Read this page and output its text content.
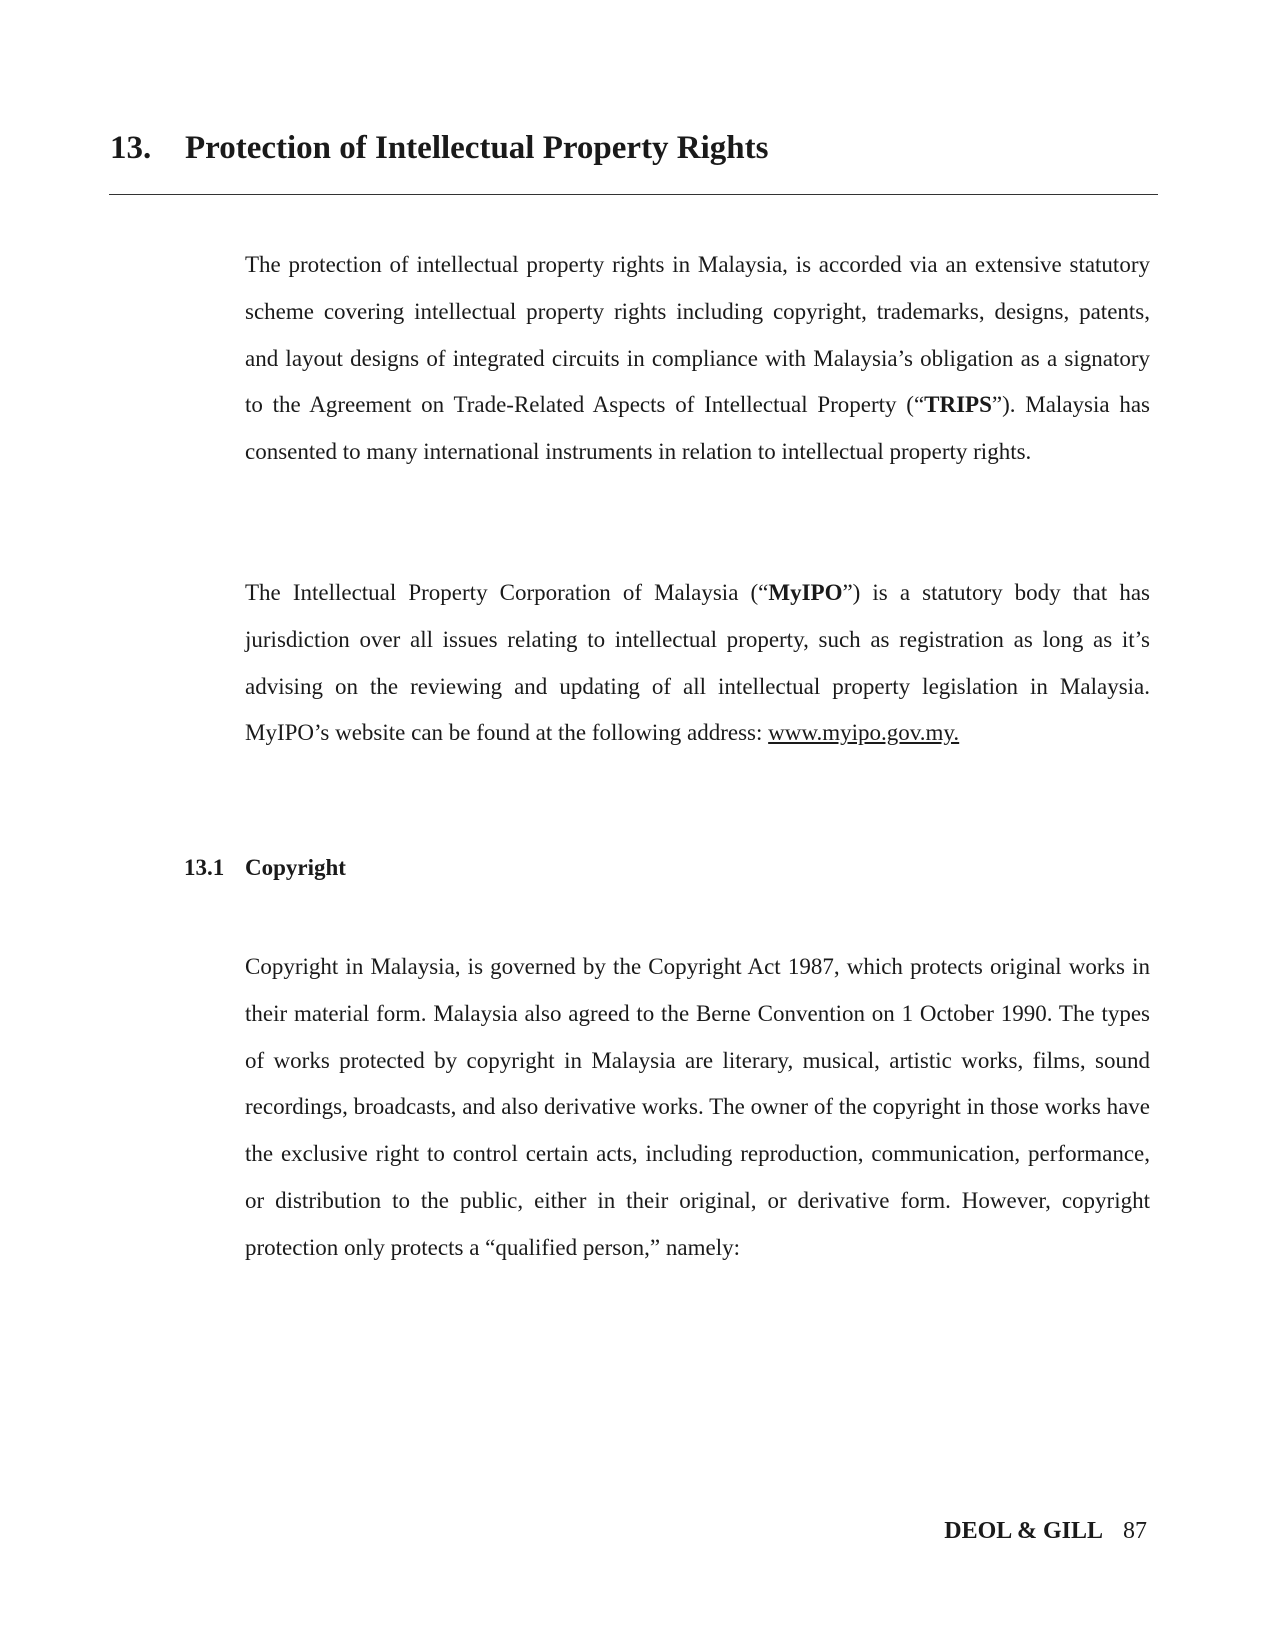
13. Protection of Intellectual Property Rights

The protection of intellectual property rights in Malaysia, is accorded via an extensive statutory scheme covering intellectual property rights including copyright, trademarks, designs, patents, and layout designs of integrated circuits in compliance with Malaysia’s obligation as a signatory to the Agreement on Trade-Related Aspects of Intellectual Property (“TRIPS”). Malaysia has consented to many international instruments in relation to intellectual property rights.

The Intellectual Property Corporation of Malaysia (“MyIPO”) is a statutory body that has jurisdiction over all issues relating to intellectual property, such as registration as long as it’s advising on the reviewing and updating of all intellectual property legislation in Malaysia. MyIPO’s website can be found at the following address: www.myipo.gov.my.

13.1 Copyright

Copyright in Malaysia, is governed by the Copyright Act 1987, which protects original works in their material form. Malaysia also agreed to the Berne Convention on 1 October 1990. The types of works protected by copyright in Malaysia are literary, musical, artistic works, films, sound recordings, broadcasts, and also derivative works. The owner of the copyright in those works have the exclusive right to control certain acts, including reproduction, communication, performance, or distribution to the public, either in their original, or derivative form. However, copyright protection only protects a “qualified person,” namely:

DEOL & GILL 87
